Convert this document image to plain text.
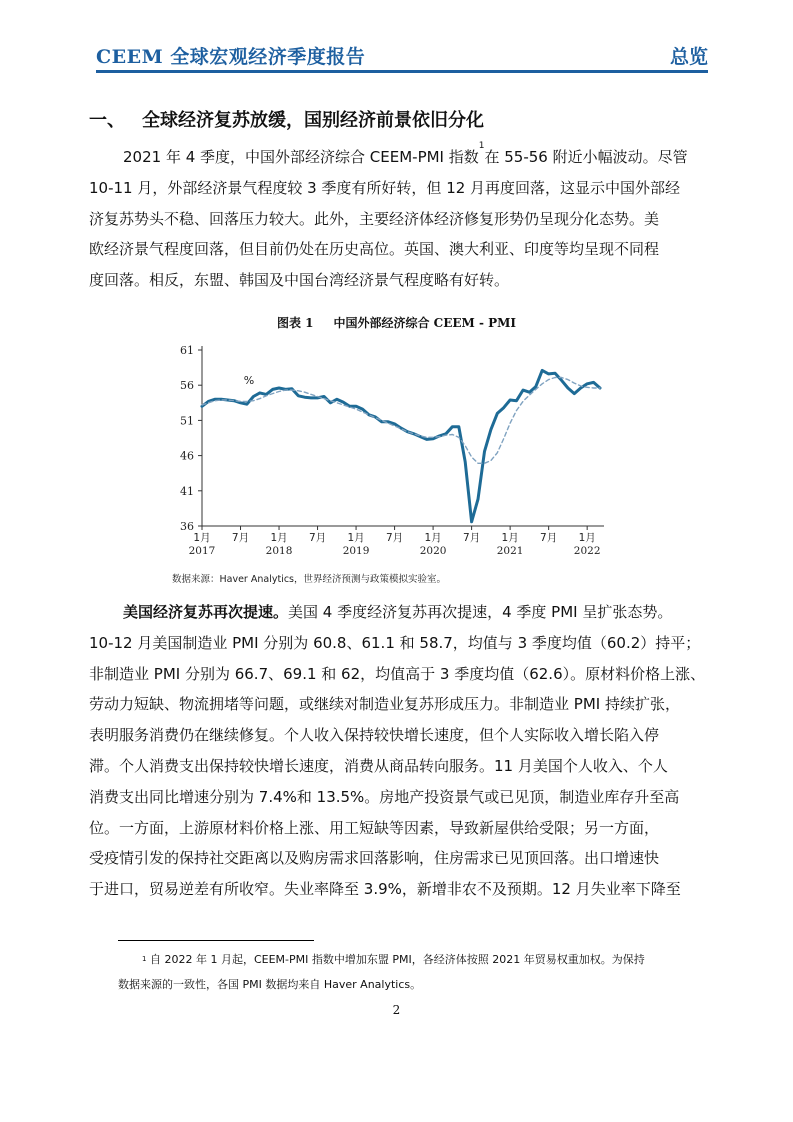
CEEM 全球宏观经济季度报告	总览
一、 全球经济复苏放缓，国别经济前景依旧分化
2021 年 4 季度，中国外部经济综合 CEEM-PMI 指数$^1$在 55-56 附近小幅波动。尽管
10-11 月，外部经济景气程度较 3 季度有所好转，但 12 月再度回落，这显示中国外部经
济复苏势头不稳、回落压力较大。此外，主要经济体经济修复形势仍呈现分化态势。美
欧经济景气程度回落，但目前仍处在历史高位。英国、澳大利亚、印度等均呈现不同程
度回落。相反，东盟、韩国及中国台湾经济景气程度略有好转。
图表 1 中国外部经济综合 CEEM - PMI
36
41
46
51
56
61
1月
2017
7月 1月
2018
7月 1月
2019
7月 1月
2020
7月 1月
2021
7月 1月
2022
%
数据来源：Haver Analytics，世界经济预测与政策模拟实验室。
美国经济复苏再次提速。美国 4 季度经济复苏再次提速，4 季度 PMI 呈扩张态势。
10-12 月美国制造业 PMI 分别为 60.8、61.1 和 58.7，均值与 3 季度均值（60.2）持平；
非制造业 PMI 分别为 66.7、69.1 和 62，均值高于 3 季度均值（62.6）。原材料价格上涨、
劳动力短缺、物流拥堵等问题，或继续对制造业复苏形成压力。非制造业 PMI 持续扩张，
表明服务消费仍在继续修复。个人收入保持较快增长速度，但个人实际收入增长陷入停
滞。个人消费支出保持较快增长速度，消费从商品转向服务。11 月美国个人收入、个人
消费支出同比增速分别为 7.4%和 13.5%。房地产投资景气或已见顶，制造业库存升至高
位。一方面，上游原材料价格上涨、用工短缺等因素，导致新屋供给受限；另一方面，
受疫情引发的保持社交距离以及购房需求回落影响，住房需求已见顶回落。出口增速快
于进口，贸易逆差有所收窄。失业率降至 3.9%，新增非农不及预期。12 月失业率下降至
$^1$ 自 2022 年 1 月起，CEEM-PMI 指数中增加东盟 PMI，各经济体按照 2021 年贸易权重加权。为保持
数据来源的一致性，各国 PMI 数据均来自 Haver Analytics。
2
